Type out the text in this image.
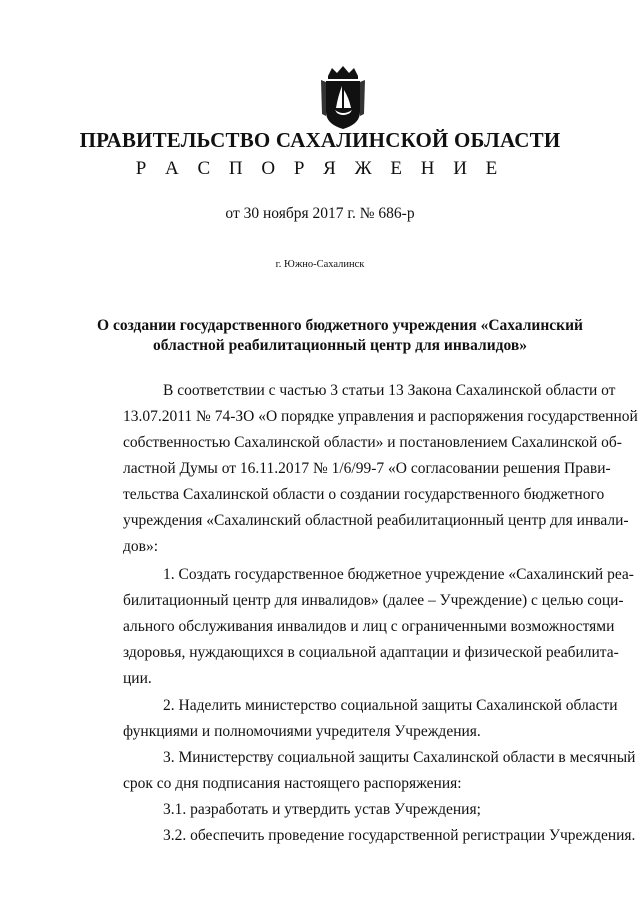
ПРАВИТЕЛЬСТВО САХАЛИНСКОЙ ОБЛАСТИ
Р А С П О Р Я Ж Е Н И Е
от 30 ноября 2017 г. № 686-р
г. Южно-Сахалинск
О создании государственного бюджетного учреждения «Сахалинский
областной реабилитационный центр для инвалидов»
В соответствии с частью 3 статьи 13 Закона Сахалинской области от
13.07.2011 № 74-ЗО «О порядке управления и распоряжения государственной
собственностью Сахалинской области» и постановлением Сахалинской об-
ластной Думы от 16.11.2017 № 1/6/99-7 «О согласовании решения Прави-
тельства Сахалинской области о создании государственного бюджетного
учреждения «Сахалинский областной реабилитационный центр для инвали-
дов»:
1. Создать государственное бюджетное учреждение «Сахалинский реа-
билитационный центр для инвалидов» (далее – Учреждение) с целью соци-
ального обслуживания инвалидов и лиц с ограниченными возможностями
здоровья, нуждающихся в социальной адаптации и физической реабилита-
ции.
2. Наделить министерство социальной защиты Сахалинской области
функциями и полномочиями учредителя Учреждения.
3. Министерству социальной защиты Сахалинской области в месячный
срок со дня подписания настоящего распоряжения:
3.1. разработать и утвердить устав Учреждения;
3.2. обеспечить проведение государственной регистрации Учреждения.
